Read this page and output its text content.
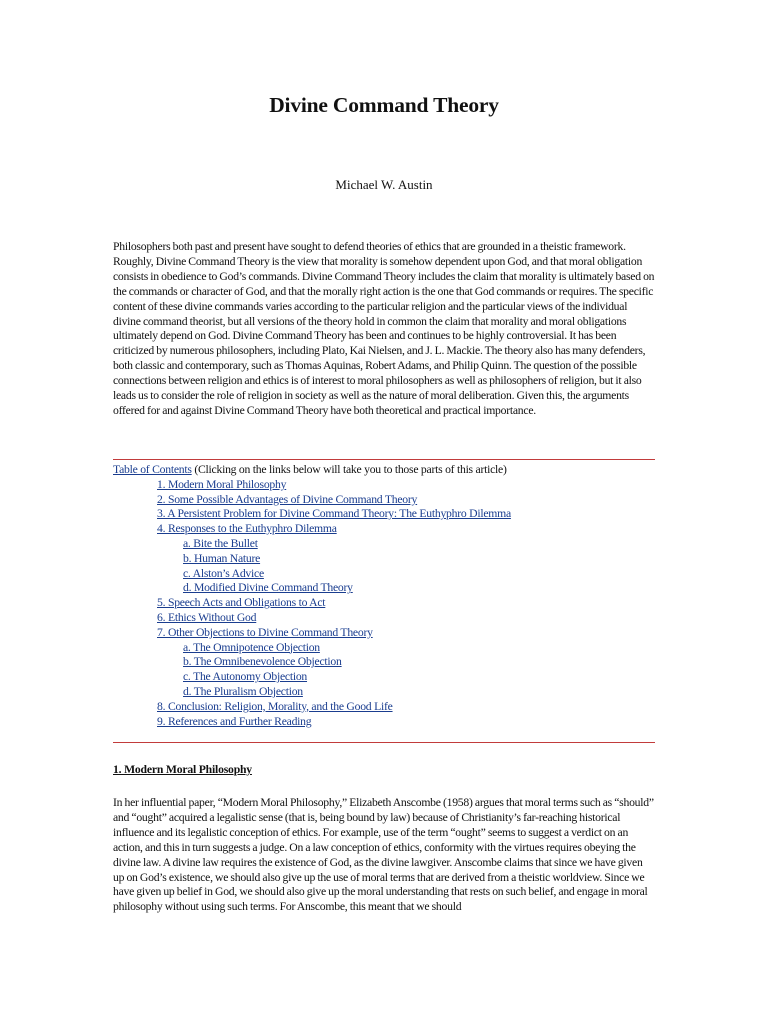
Divine Command Theory
Michael W. Austin
Philosophers both past and present have sought to defend theories of ethics that are grounded in a theistic framework. Roughly, Divine Command Theory is the view that morality is somehow dependent upon God, and that moral obligation consists in obedience to God’s commands. Divine Command Theory includes the claim that morality is ultimately based on the commands or character of God, and that the morally right action is the one that God commands or requires. The specific content of these divine commands varies according to the particular religion and the particular views of the individual divine command theorist, but all versions of the theory hold in common the claim that morality and moral obligations ultimately depend on God. Divine Command Theory has been and continues to be highly controversial. It has been criticized by numerous philosophers, including Plato, Kai Nielsen, and J. L. Mackie. The theory also has many defenders, both classic and contemporary, such as Thomas Aquinas, Robert Adams, and Philip Quinn. The question of the possible connections between religion and ethics is of interest to moral philosophers as well as philosophers of religion, but it also leads us to consider the role of religion in society as well as the nature of moral deliberation. Given this, the arguments offered for and against Divine Command Theory have both theoretical and practical importance.
Table of Contents (Clicking on the links below will take you to those parts of this article)
1. Modern Moral Philosophy
2. Some Possible Advantages of Divine Command Theory
3. A Persistent Problem for Divine Command Theory: The Euthyphro Dilemma
4. Responses to the Euthyphro Dilemma
a. Bite the Bullet
b. Human Nature
c. Alston’s Advice
d. Modified Divine Command Theory
5. Speech Acts and Obligations to Act
6. Ethics Without God
7. Other Objections to Divine Command Theory
a. The Omnipotence Objection
b. The Omnibenevolence Objection
c. The Autonomy Objection
d. The Pluralism Objection
8. Conclusion: Religion, Morality, and the Good Life
9. References and Further Reading
1. Modern Moral Philosophy
In her influential paper, “Modern Moral Philosophy,” Elizabeth Anscombe (1958) argues that moral terms such as “should” and “ought” acquired a legalistic sense (that is, being bound by law) because of Christianity’s far-reaching historical influence and its legalistic conception of ethics. For example, use of the term “ought” seems to suggest a verdict on an action, and this in turn suggests a judge. On a law conception of ethics, conformity with the virtues requires obeying the divine law. A divine law requires the existence of God, as the divine lawgiver. Anscombe claims that since we have given up on God’s existence, we should also give up the use of moral terms that are derived from a theistic worldview. Since we have given up belief in God, we should also give up the moral understanding that rests on such belief, and engage in moral philosophy without using such terms. For Anscombe, this meant that we should
